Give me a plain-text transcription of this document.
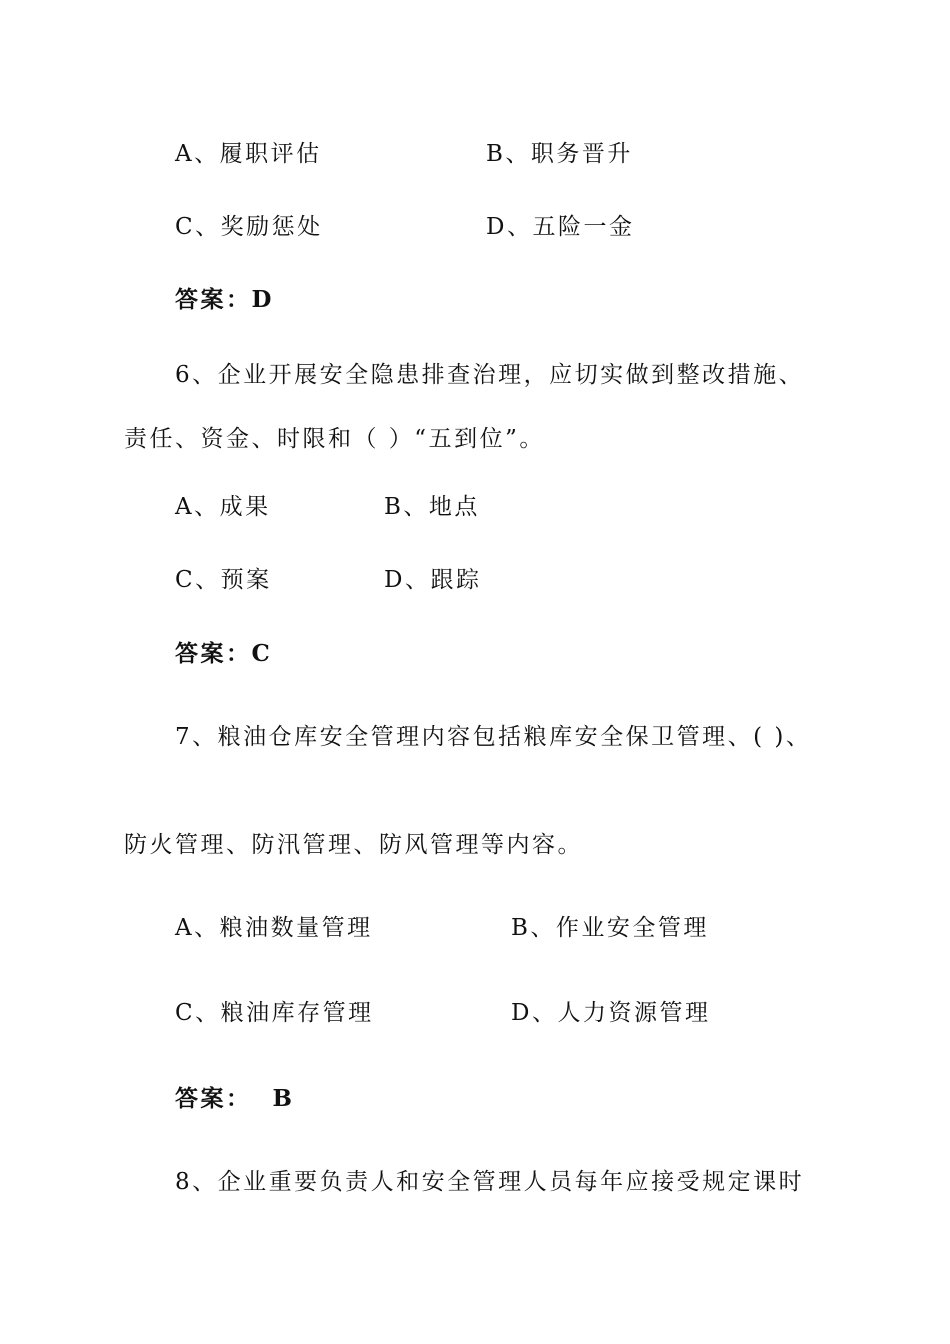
A、履职评估	B、职务晋升
C、奖励惩处	D、五险一金
答案：D
6、企业开展安全隐患排查治理，应切实做到整改措施、
责任、资金、时限和（ ）“五到位”。
A、成果	B、地点
C、预案	D、跟踪
答案：C
7、粮油仓库安全管理内容包括粮库安全保卫管理、( )、
防火管理、防汛管理、防风管理等内容。
A、粮油数量管理	B、作业安全管理
C、粮油库存管理	D、人力资源管理
答案：  B
8、企业重要负责人和安全管理人员每年应接受规定课时
